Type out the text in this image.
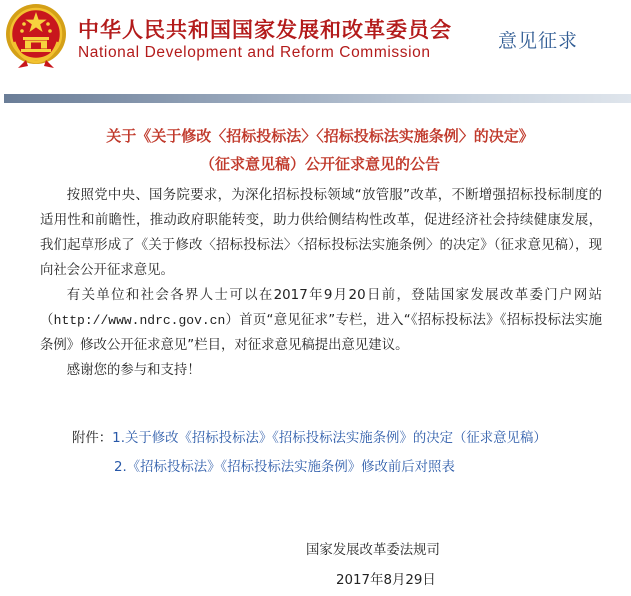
中华人民共和国国家发展和改革委员会
National Development and Reform Commission
意见征求
关于《关于修改〈招标投标法〉〈招标投标法实施条例〉的决定》
（征求意见稿）公开征求意见的公告

按照党中央、国务院要求，为深化招标投标领域“放管服”改革，不断增强招标投标制度的适用性和前瞻性，推动政府职能转变，助力供给侧结构性改革，促进经济社会持续健康发展，我们起草形成了《关于修改〈招标投标法〉〈招标投标法实施条例〉的决定》（征求意见稿），现向社会公开征求意见。

有关单位和社会各界人士可以在2017年9月20日前，登陆国家发展改革委门户网站（http://www.ndrc.gov.cn）首页“意见征求”专栏，进入“《招标投标法》《招标投标法实施条例》修改公开征求意见”栏目，对征求意见稿提出意见建议。

感谢您的参与和支持！

附件：1.关于修改《招标投标法》《招标投标法实施条例》的决定（征求意见稿）
2.《招标投标法》《招标投标法实施条例》修改前后对照表
国家发展改革委法规司
2017年8月29日
